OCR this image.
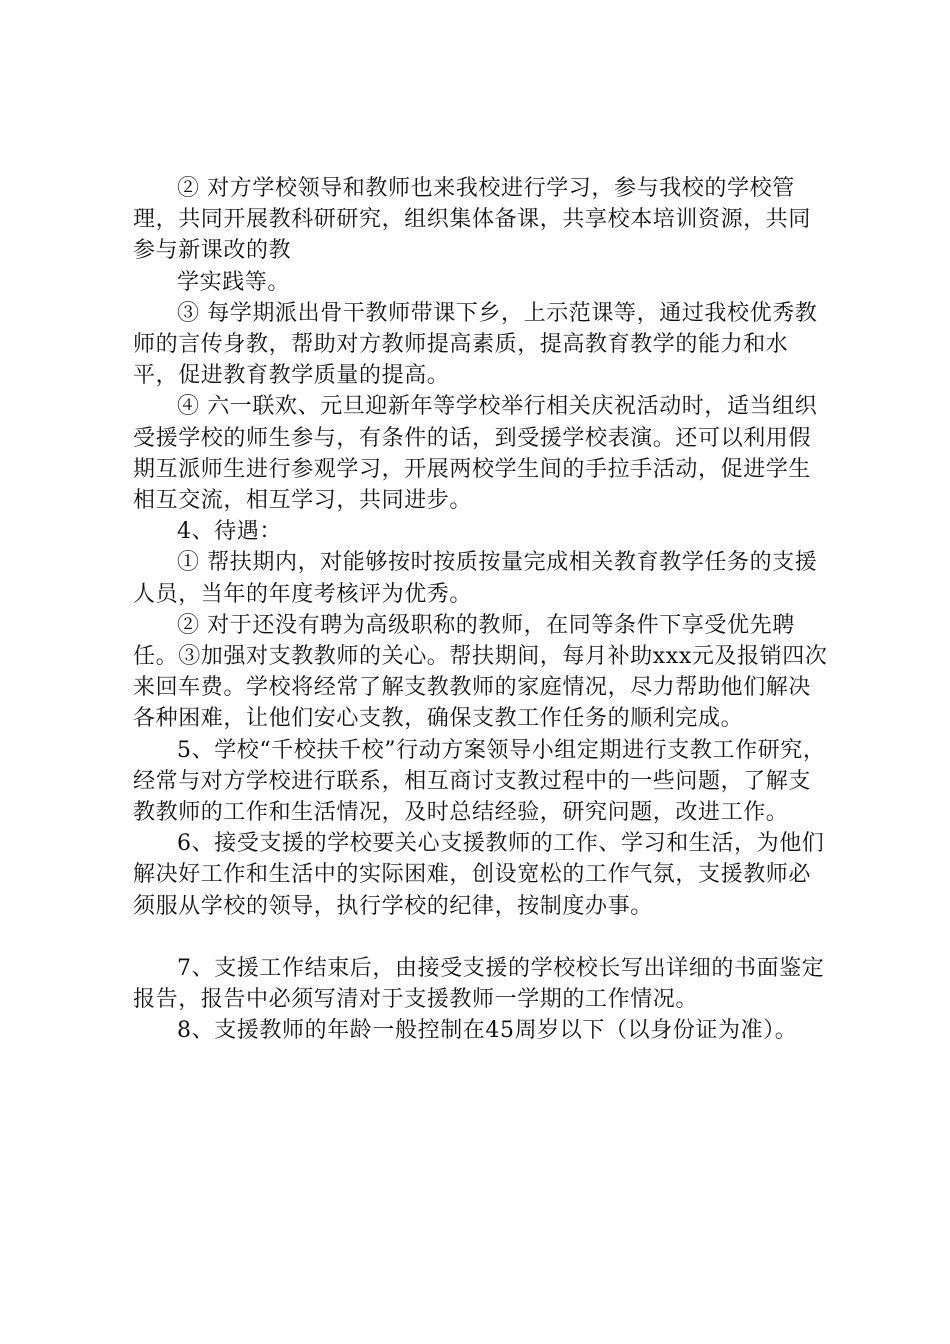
② 对方学校领导和教师也来我校进行学习，参与我校的学校管理，共同开展教科研研究，组织集体备课，共享校本培训资源，共同参与新课改的教

学实践等。

③ 每学期派出骨干教师带课下乡，上示范课等，通过我校优秀教师的言传身教，帮助对方教师提高素质，提高教育教学的能力和水平，促进教育教学质量的提高。

④ 六一联欢、元旦迎新年等学校举行相关庆祝活动时，适当组织受援学校的师生参与，有条件的话，到受援学校表演。还可以利用假期互派师生进行参观学习，开展两校学生间的手拉手活动，促进学生相互交流，相互学习，共同进步。

4、待遇：

① 帮扶期内，对能够按时按质按量完成相关教育教学任务的支援人员，当年的年度考核评为优秀。

② 对于还没有聘为高级职称的教师，在同等条件下享受优先聘任。③加强对支教教师的关心。帮扶期间，每月补助xxx元及报销四次来回车费。学校将经常了解支教教师的家庭情况，尽力帮助他们解决各种困难，让他们安心支教，确保支教工作任务的顺利完成。

5、学校“千校扶千校”行动方案领导小组定期进行支教工作研究，经常与对方学校进行联系，相互商讨支教过程中的一些问题，了解支教教师的工作和生活情况，及时总结经验，研究问题，改进工作。

6、接受支援的学校要关心支援教师的工作、学习和生活，为他们解决好工作和生活中的实际困难，创设宽松的工作气氛，支援教师必须服从学校的领导，执行学校的纪律，按制度办事。

7、支援工作结束后，由接受支援的学校校长写出详细的书面鉴定报告，报告中必须写清对于支援教师一学期的工作情况。

8、支援教师的年龄一般控制在45周岁以下（以身份证为准）。
